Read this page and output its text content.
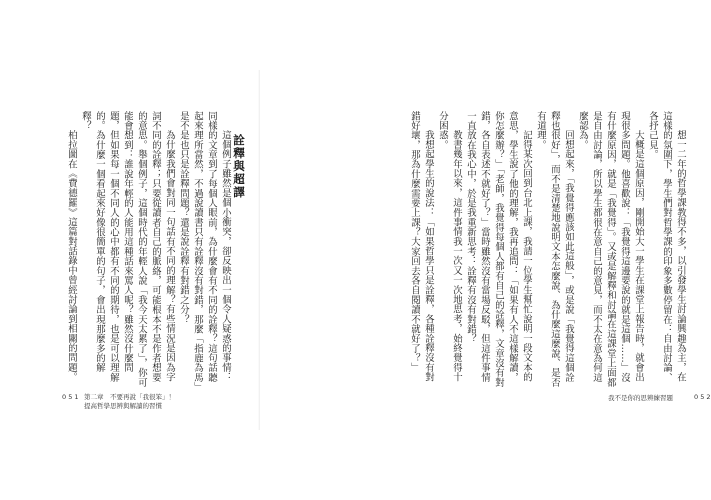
詮釋與超譯

這個例子雖然是個小衝突，卻反映出一個令人疑惑的事情：同樣的文章到了每個人眼前，為什麼會有不同的詮釋？這句話聽起來理所當然，不過說讀書只有詮釋沒有對錯，那麼「指鹿為馬」是不是也只是詮釋問題？還是說詮釋有對錯之分？

為什麼我們會對同一句話有不同的理解？有些情況是因為字詞不同的詮釋；只要從讀者自己的脈絡，可能根本不是作者想要的意思。舉個例子，這個時代的年輕人說「我今天太累了」，你可能會想到：誰說年輕的人能用這種話來罵人呢？雖然沒什麼問題，但如果每一個不同人的心中都有不同的期待，也是可以理解的。為什麼一個看起來好像很簡單的句子，會出現那麼多的解釋？

柏拉圖在《費德羅》這篇對話錄中曾經討論到相關的問題。

0 5 1 第二章　不要再說「我很笨」！
提高哲學思辨與解讀的習慣

想一二年的哲學課教得不多，以引發學生討論興趣為主，在這樣的氛圍下，學生們對哲學課的印象多數停留在：自由討論、各抒己見。

大概是這個原因，剛開始大一學生在課堂上報告時，就會出現很多問題。他喜歡說：「我覺得這邊要說的就是這個……」沒有什麼原因，就是「我覺得」。又或是解釋和討論在這課堂上面都是自由討論，所以學生都很在意自己的意見，而不太在意為何這麼認為。

回想起來，「我覺得應該如此這般」，或是說「我覺得這個詮釋也很好」，而不是清楚地說明文本怎麼說、為什麼這麼說、是否有道理。

記得某次回到台北上課，我請一位學生幫忙說明一段文本的意思，學生說了他的理解，我再追問：「如果有人不這樣解讀，你怎麼辦？」「老師，我覺得每個人都有自己的詮釋，文章沒有對錯，各自表述不就好了？」當時雖然沒有當場反駁，但這件事情一直放在我心中，於是我重新思考：詮釋有沒有對錯？

教書幾年以來，這件事情我一次又一次地思考，始終覺得十分困惑。

我想起學生的說法：「如果哲學只是詮釋，各種詮釋沒有對錯好壞，那為什麼需要上課？大家回去各自閱讀不就好了？」

我不是你的思辨練習題	0 5 2
